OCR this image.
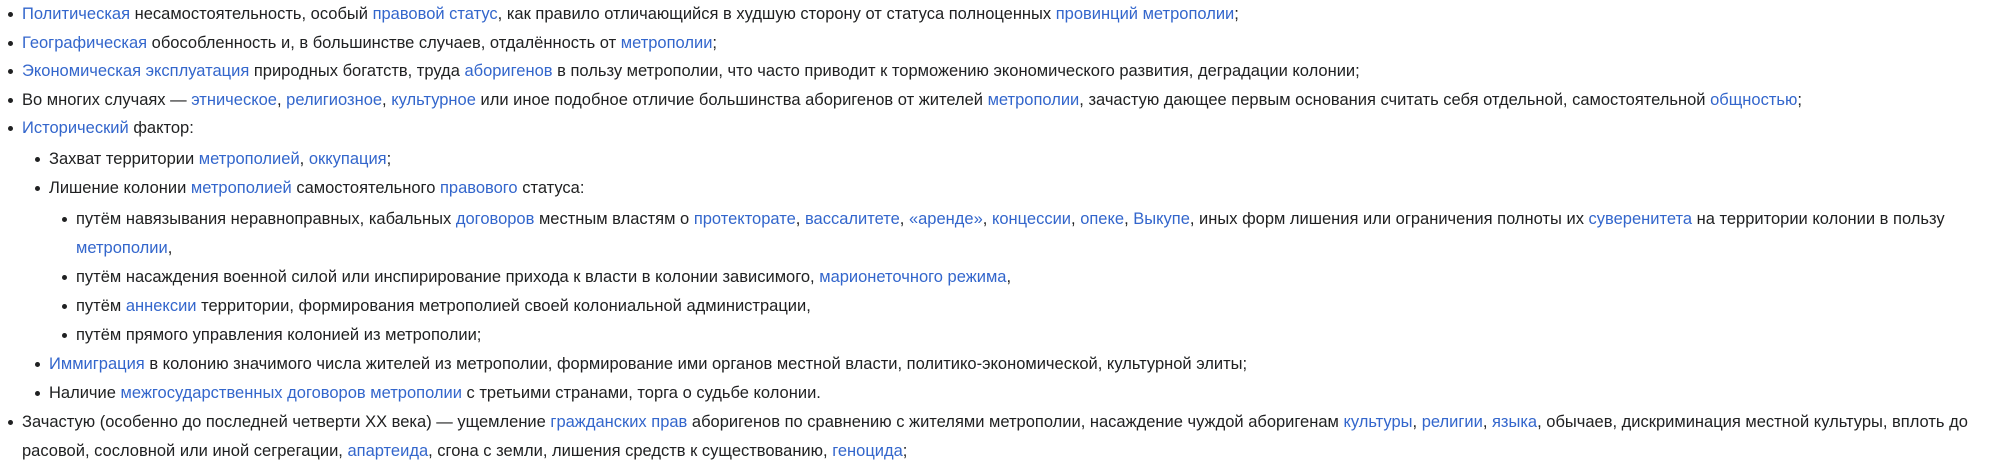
Политическая несамостоятельность, особый правовой статус, как правило отличающийся в худшую сторону от статуса полноценных провинций метрополии;
Географическая обособленность и, в большинстве случаев, отдалённость от метрополии;
Экономическая эксплуатация природных богатств, труда аборигенов в пользу метрополии, что часто приводит к торможению экономического развития, деградации колонии;
Во многих случаях — этническое, религиозное, культурное или иное подобное отличие большинства аборигенов от жителей метрополии, зачастую дающее первым основания считать себя отдельной, самостоятельной общностью;
Исторический фактор:
Захват территории метрополией, оккупация;
Лишение колонии метрополией самостоятельного правового статуса:
путём навязывания неравноправных, кабальных договоров местным властям о протекторате, вассалитете, «аренде», концессии, опеке, Выкупе, иных форм лишения или ограничения полноты их суверенитета на территории колонии в пользу метрополии,
путём насаждения военной силой или инспирирование прихода к власти в колонии зависимого, марионеточного режима,
путём аннексии территории, формирования метрополией своей колониальной администрации,
путём прямого управления колонией из метрополии;
Иммиграция в колонию значимого числа жителей из метрополии, формирование ими органов местной власти, политико-экономической, культурной элиты;
Наличие межгосударственных договоров метрополии с третьими странами, торга о судьбе колонии.
Зачастую (особенно до последней четверти XX века) — ущемление гражданских прав аборигенов по сравнению с жителями метрополии, насаждение чуждой аборигенам культуры, религии, языка, обычаев, дискриминация местной культуры, вплоть до расовой, сословной или иной сегрегации, апартеида, сгона с земли, лишения средств к существованию, геноцида;
